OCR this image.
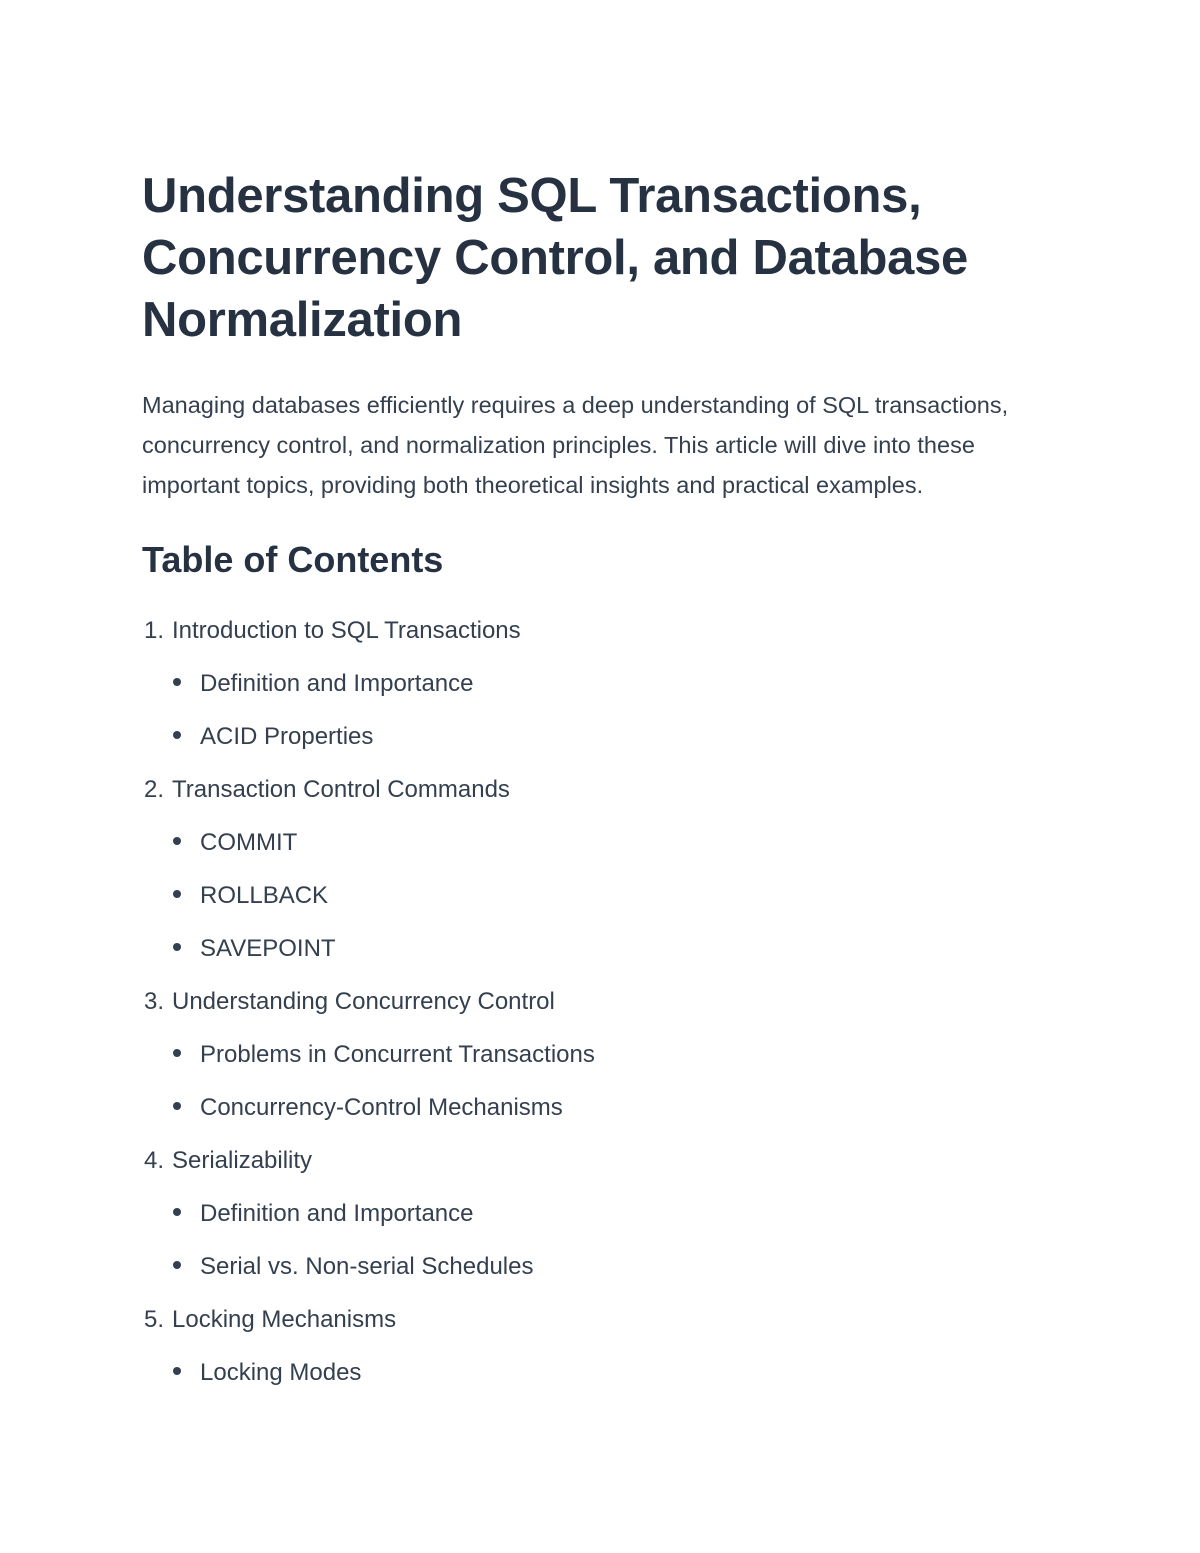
Understanding SQL Transactions, Concurrency Control, and Database Normalization

Managing databases efficiently requires a deep understanding of SQL transactions, concurrency control, and normalization principles. This article will dive into these important topics, providing both theoretical insights and practical examples.

Table of Contents
1. Introduction to SQL Transactions
Definition and Importance
ACID Properties
2. Transaction Control Commands
COMMIT
ROLLBACK
SAVEPOINT
3. Understanding Concurrency Control
Problems in Concurrent Transactions
Concurrency-Control Mechanisms
4. Serializability
Definition and Importance
Serial vs. Non-serial Schedules
5. Locking Mechanisms
Locking Modes
